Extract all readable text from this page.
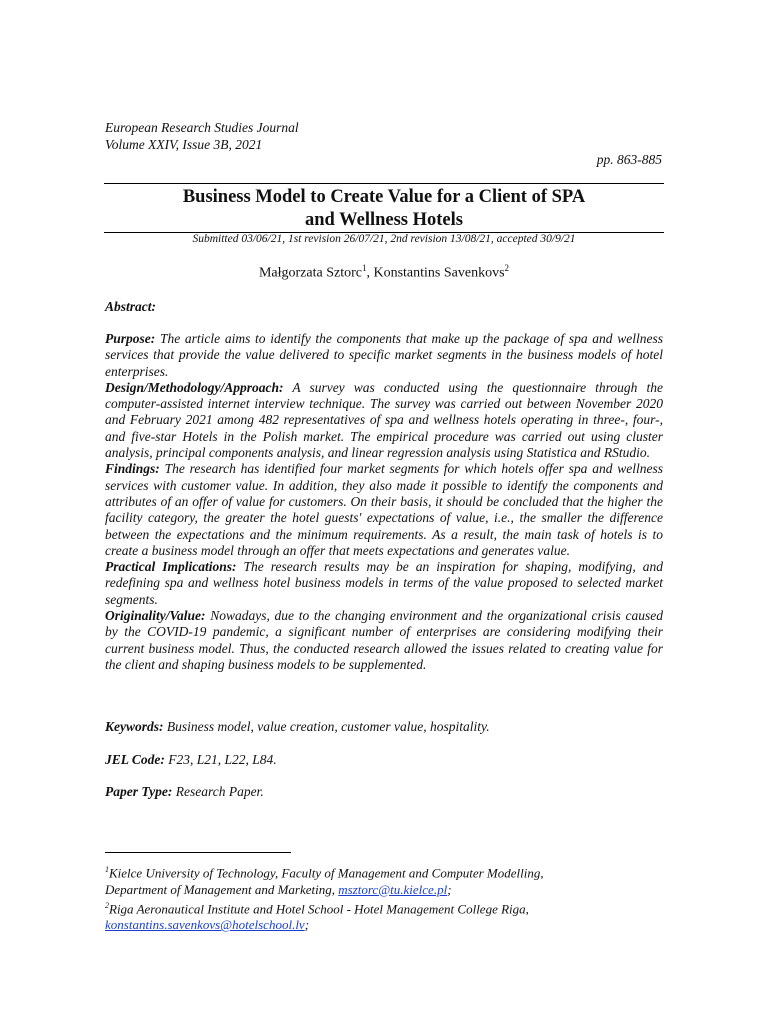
European Research Studies Journal
Volume XXIV, Issue 3B, 2021
pp. 863-885
Business Model to Create Value for a Client of SPA
and Wellness Hotels
Submitted 03/06/21, 1st revision 26/07/21, 2nd revision 13/08/21, accepted 30/9/21
Małgorzata Sztorc$^1$, Konstantins Savenkovs$^2$
Abstract:

Purpose: The article aims to identify the components that make up the package of spa and wellness services that provide the value delivered to specific market segments in the business models of hotel enterprises.

Design/Methodology/Approach: A survey was conducted using the questionnaire through the computer-assisted internet interview technique. The survey was carried out between November 2020 and February 2021 among 482 representatives of spa and wellness hotels operating in three-, four-, and five-star Hotels in the Polish market. The empirical procedure was carried out using cluster analysis, principal components analysis, and linear regression analysis using Statistica and RStudio.

Findings: The research has identified four market segments for which hotels offer spa and wellness services with customer value. In addition, they also made it possible to identify the components and attributes of an offer of value for customers. On their basis, it should be concluded that the higher the facility category, the greater the hotel guests' expectations of value, i.e., the smaller the difference between the expectations and the minimum requirements. As a result, the main task of hotels is to create a business model through an offer that meets expectations and generates value.

Practical Implications: The research results may be an inspiration for shaping, modifying, and redefining spa and wellness hotel business models in terms of the value proposed to selected market segments.

Originality/Value: Nowadays, due to the changing environment and the organizational crisis caused by the COVID-19 pandemic, a significant number of enterprises are considering modifying their current business model. Thus, the conducted research allowed the issues related to creating value for the client and shaping business models to be supplemented.

Keywords: Business model, value creation, customer value, hospitality.
JEL Code: F23, L21, L22, L84.
Paper Type: Research Paper.

$^1$Kielce University of Technology, Faculty of Management and Computer Modelling,

Department of Management and Marketing, msztorc@tu.kielce.pl;

$^2$Riga Aeronautical Institute and Hotel School - Hotel Management College Riga,

konstantins.savenkovs@hotelschool.lv;
